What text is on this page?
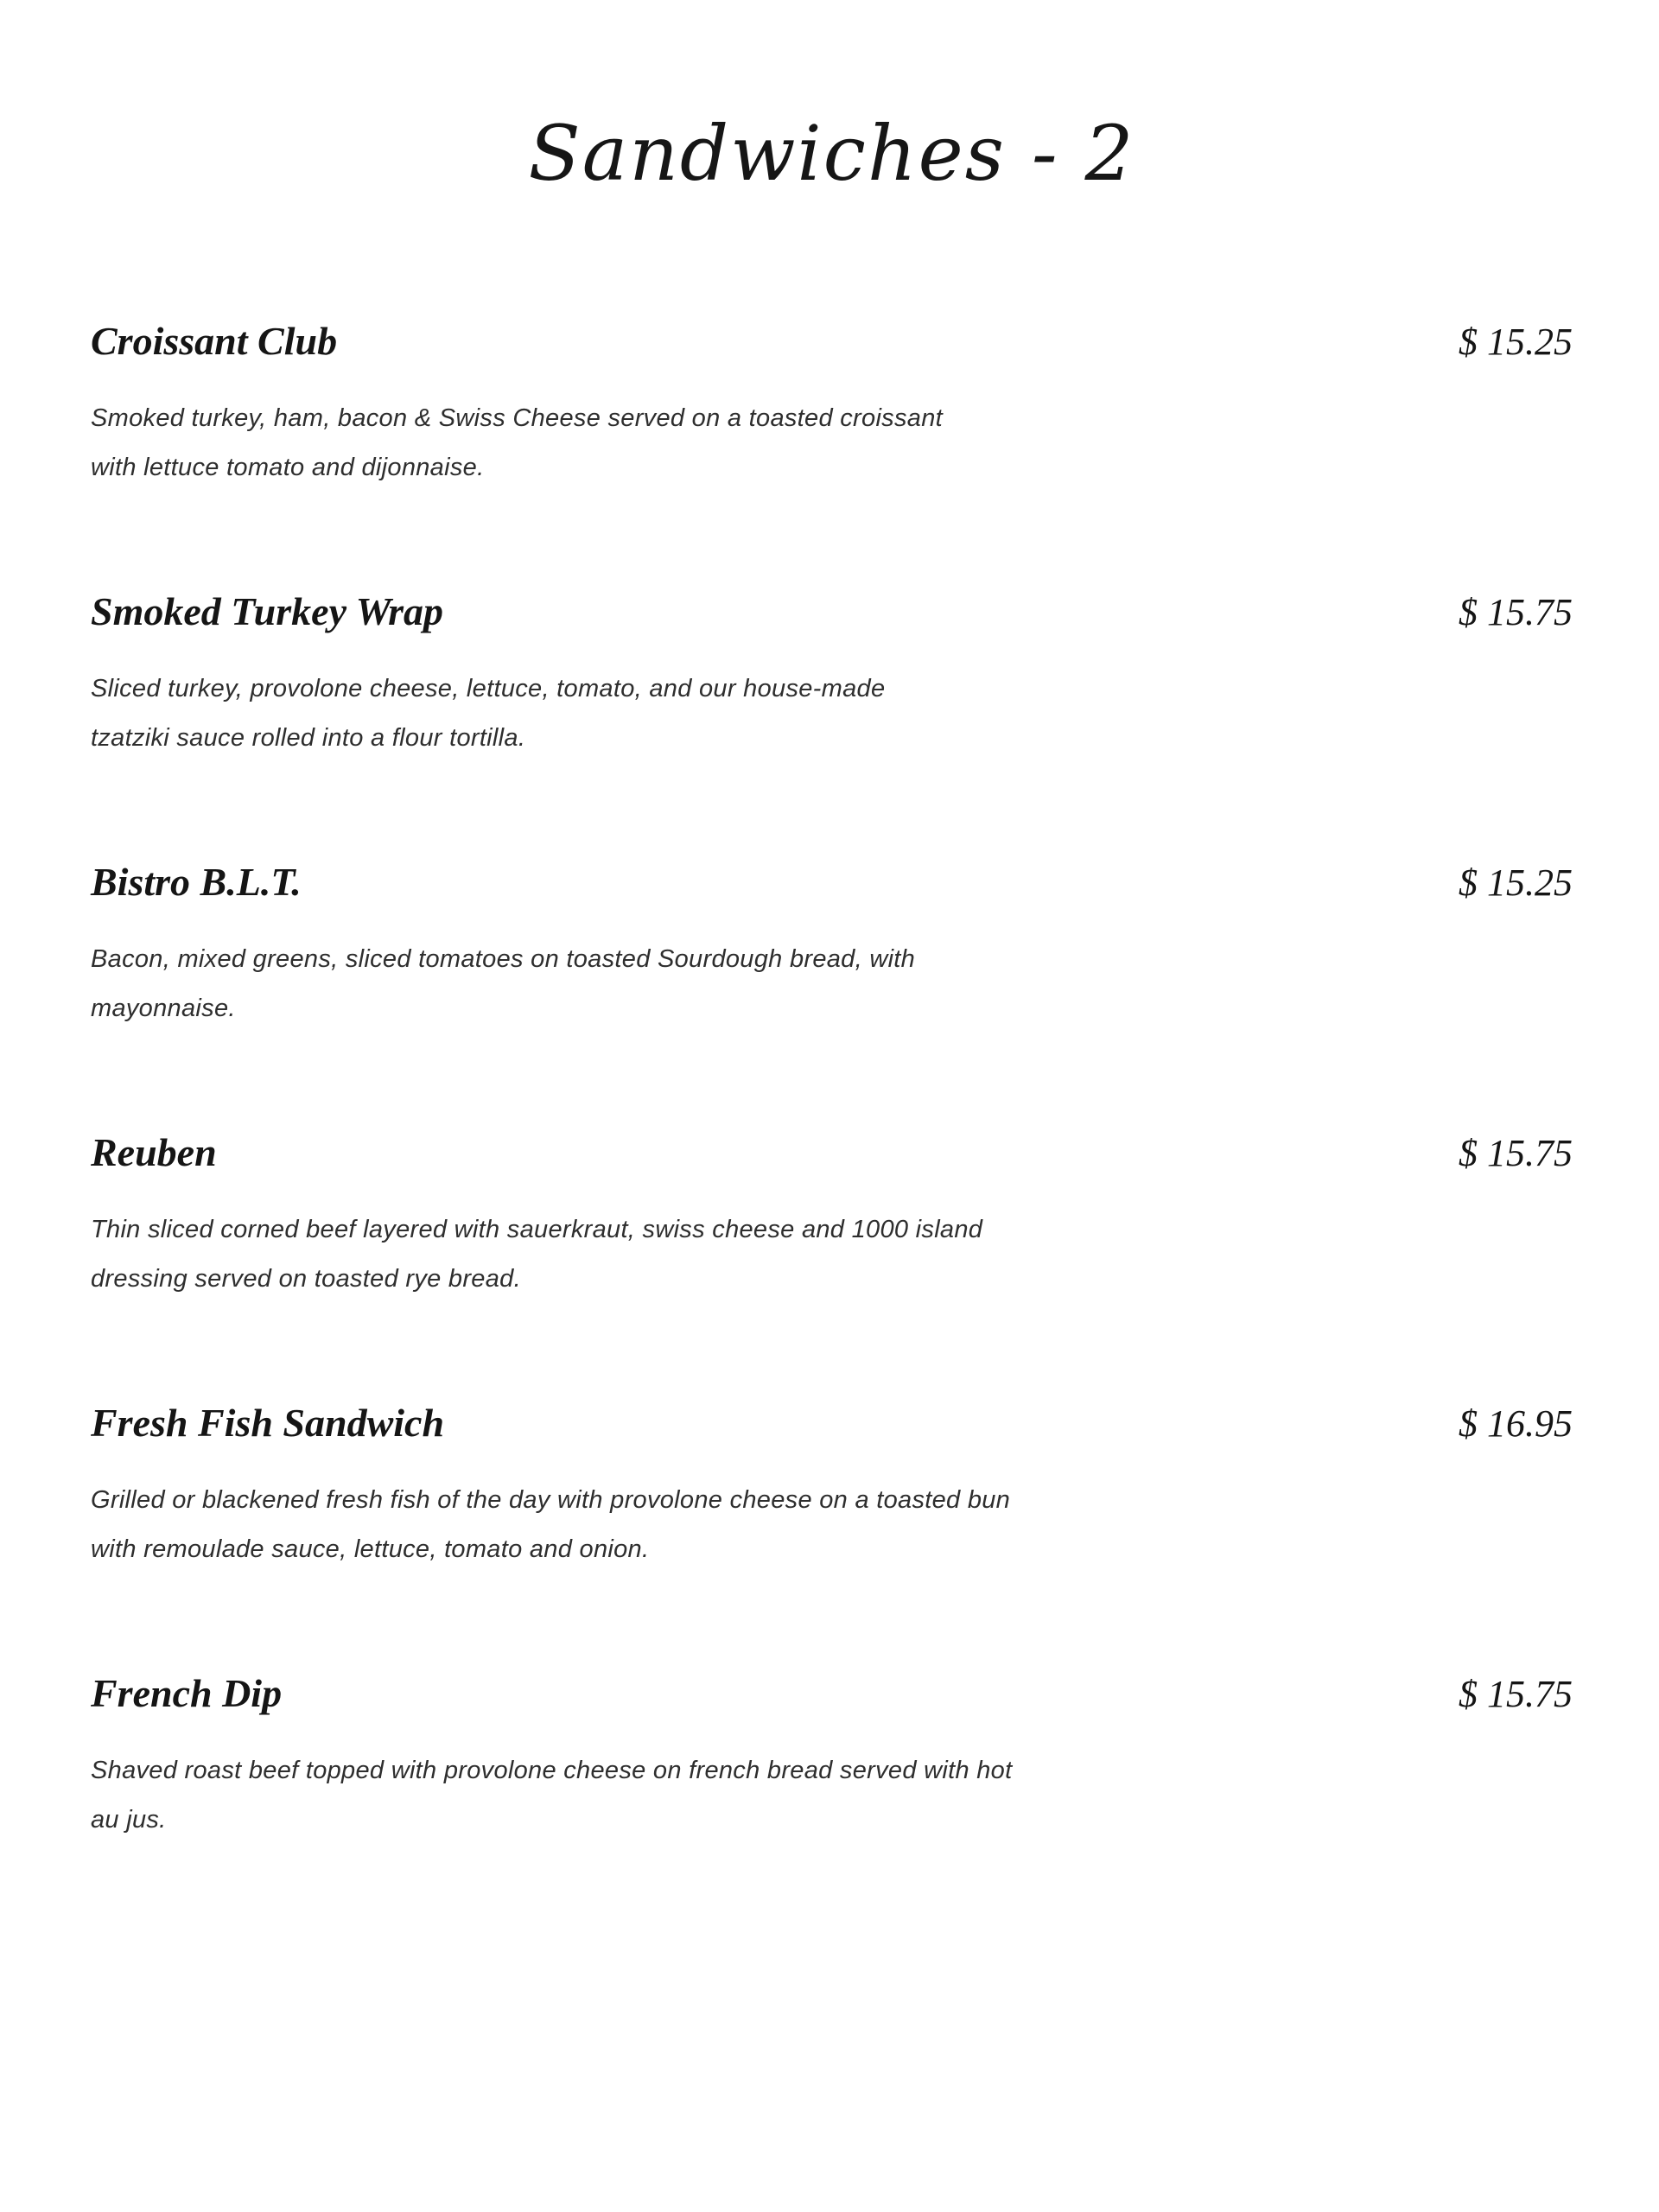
Sandwiches - 2
Croissant Club	$ 15.25
Smoked turkey, ham, bacon & Swiss Cheese served on a toasted croissant
with lettuce tomato and dijonnaise.
Smoked Turkey Wrap	$ 15.75
Sliced turkey, provolone cheese, lettuce, tomato, and our house-made
tzatziki sauce rolled into a flour tortilla.
Bistro B.L.T.	$ 15.25
Bacon, mixed greens, sliced tomatoes on toasted Sourdough bread, with
mayonnaise.
Reuben	$ 15.75
Thin sliced corned beef layered with sauerkraut, swiss cheese and 1000 island
dressing served on toasted rye bread.
Fresh Fish Sandwich	$ 16.95
Grilled or blackened fresh fish of the day with provolone cheese on a toasted bun
with remoulade sauce, lettuce, tomato and onion.
French Dip	$ 15.75
Shaved roast beef topped with provolone cheese on french bread served with hot
au jus.
